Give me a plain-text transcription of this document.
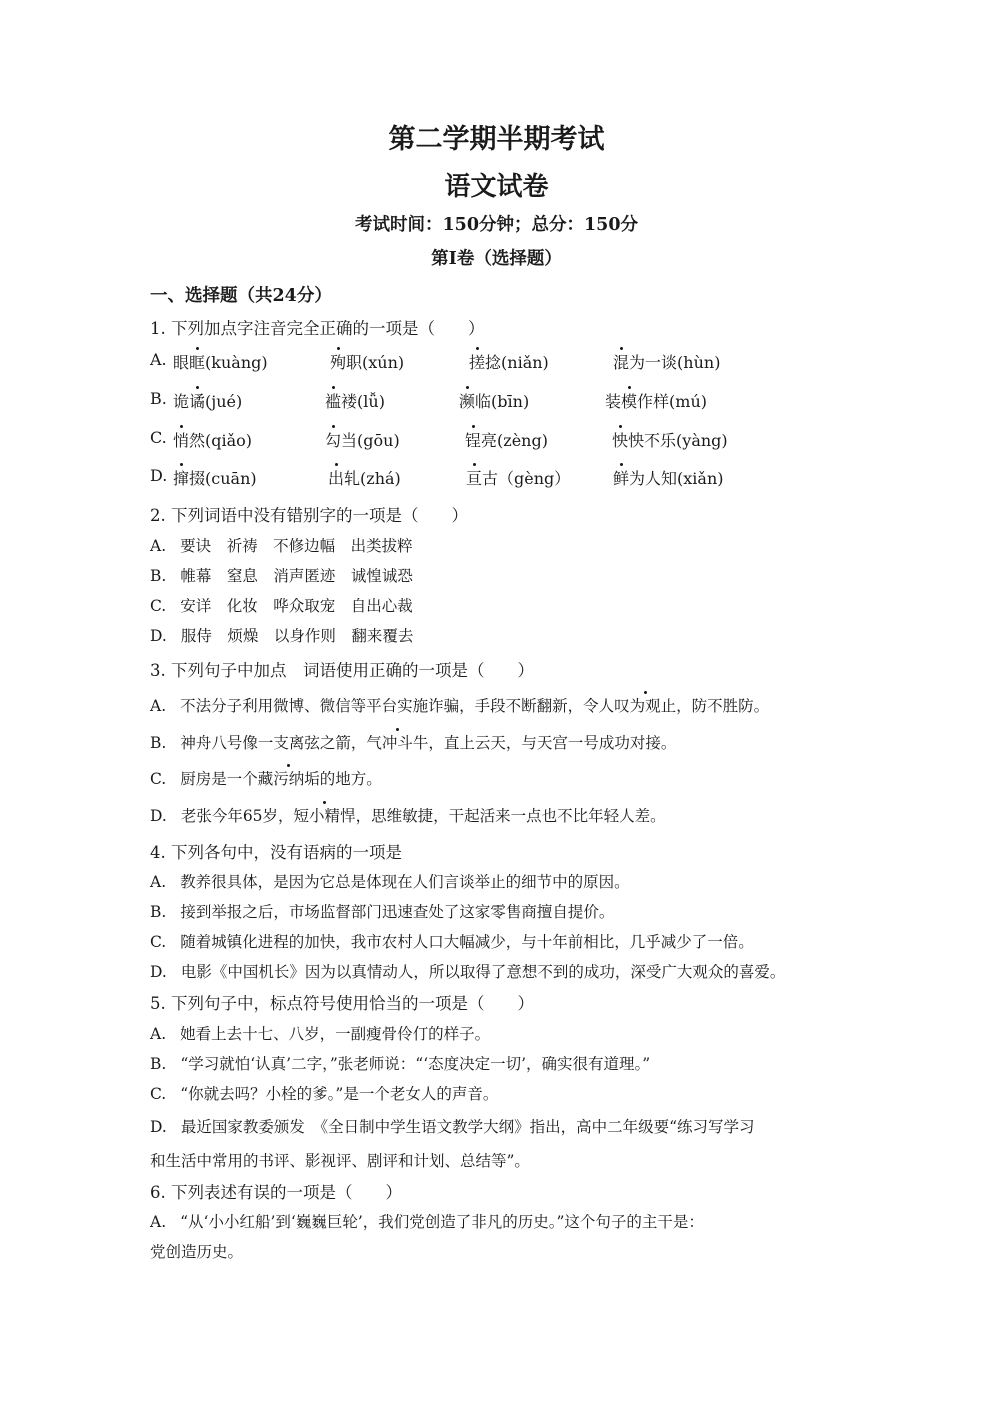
第二学期半期考试
语文试卷
考试时间：150分钟；总分：150分
第I卷（选择题）
一、选择题（共24分）
1. 下列加点字注音完全正确的一项是（　　）
A. 眼眶(kuàng)	殉职(xún)	搓捻(niǎn)	混为一谈(hùn)
B. 诡谲(jué)	褴褛(lǚ)	濒临(bīn)	装模作样(mú)
C. 悄然(qiǎo)	勾当(gōu)	锃亮(zèng)	怏怏不乐(yàng)
D. 撺掇(cuān)	出轧(zhá)	亘古（gèng）	鲜为人知(xiǎn)
2. 下列词语中没有错别字的一项是（　　）
A. 要诀　祈祷　不修边幅　出类拔粹
B. 帷幕　窒息　消声匿迹　诚惶诚恐
C. 安详　化妆　哗众取宠　自出心裁
D. 服侍　烦燥　以身作则　翻来覆去
3. 下列句子中加点　词语使用正确的一项是（　　）
A. 不法分子利用微博、微信等平台实施诈骗，手段不断翻新，令人叹为观止，防不胜防。
B. 神舟八号像一支离弦之箭，气冲斗牛，直上云天，与天宫一号成功对接。
C. 厨房是一个藏污纳垢的地方。
D. 老张今年65岁，短小精悍，思维敏捷，干起活来一点也不比年轻人差。
4. 下列各句中，没有语病的一项是
A. 教养很具体，是因为它总是体现在人们言谈举止的细节中的原因。
B. 接到举报之后，市场监督部门迅速查处了这家零售商擅自提价。
C. 随着城镇化进程的加快，我市农村人口大幅减少，与十年前相比，几乎减少了一倍。
D. 电影《中国机长》因为以真情动人，所以取得了意想不到的成功，深受广大观众的喜爱。
5. 下列句子中，标点符号使用恰当的一项是（　　）
A. 她看上去十七、八岁，一副瘦骨伶仃的样子。
B. “学习就怕‘认真’二字，”张老师说：“‘态度决定一切’，确实很有道理。”
C. “你就去吗？小栓的爹。”是一个老女人的声音。
D. 最近国家教委颁发　《全日制中学生语文教学大纲》指出，高中二年级要“练习写学习
和生活中常用的书评、影视评、剧评和计划、总结等”。
6. 下列表述有误的一项是（　　）
A. “从‘小小红船’到‘巍巍巨轮’，我们党创造了非凡的历史。”这个句子的主干是：
党创造历史。
